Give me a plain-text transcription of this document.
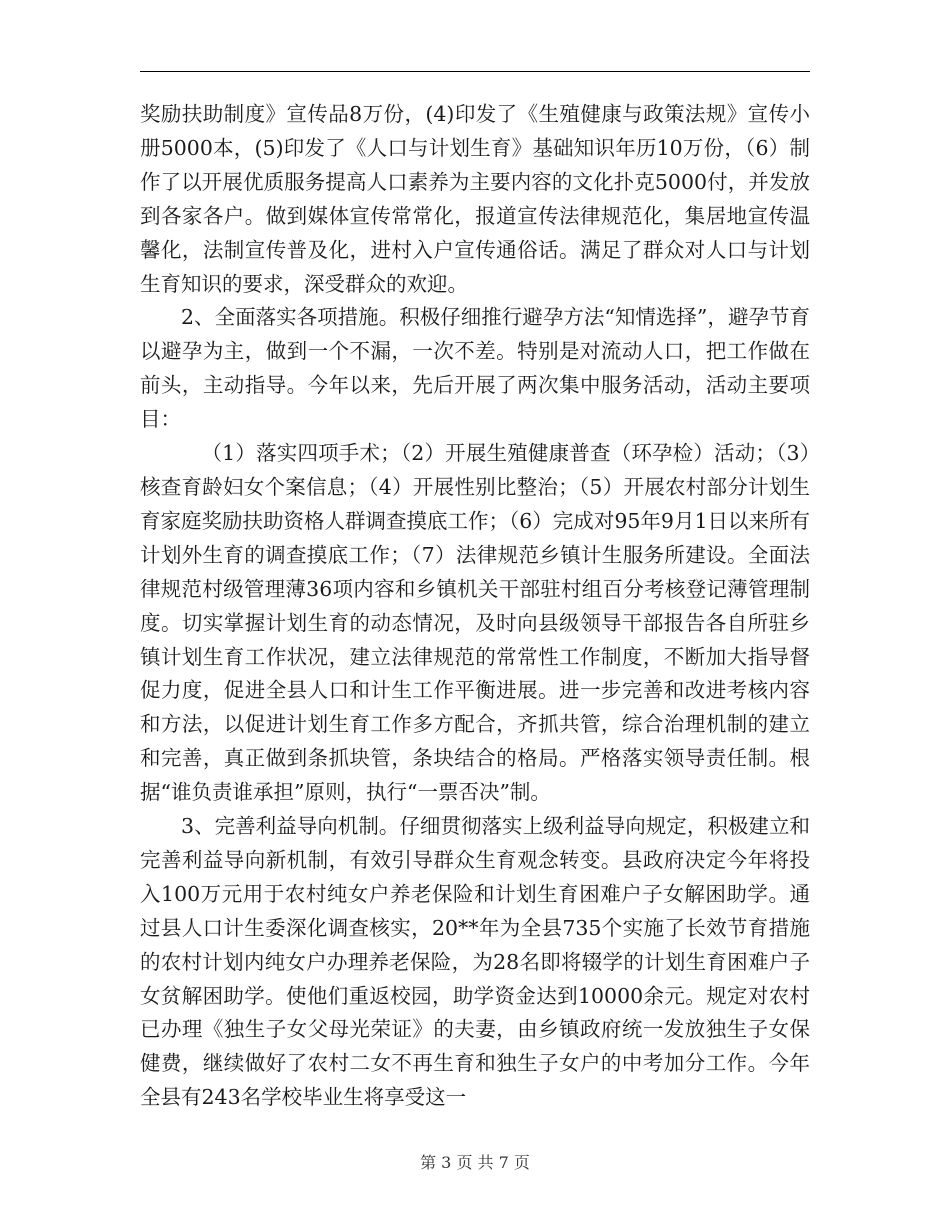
奖励扶助制度》宣传品8万份，(4)印发了《生殖健康与政策法规》宣传小册5000本，(5)印发了《人口与计划生育》基础知识年历10万份，（6）制作了以开展优质服务提高人口素养为主要内容的文化扑克5000付，并发放到各家各户。做到媒体宣传常常化，报道宣传法律规范化，集居地宣传温馨化，法制宣传普及化，进村入户宣传通俗话。满足了群众对人口与计划生育知识的要求，深受群众的欢迎。

2、全面落实各项措施。积极仔细推行避孕方法“知情选择”，避孕节育以避孕为主，做到一个不漏，一次不差。特别是对流动人口，把工作做在前头，主动指导。今年以来，先后开展了两次集中服务活动，活动主要项目：

（1）落实四项手术；（2）开展生殖健康普查（环孕检）活动；（3）核查育龄妇女个案信息；（4）开展性别比整治；（5）开展农村部分计划生育家庭奖励扶助资格人群调查摸底工作；（6）完成对95年9月1日以来所有计划外生育的调查摸底工作；（7）法律规范乡镇计生服务所建设。全面法律规范村级管理薄36项内容和乡镇机关干部驻村组百分考核登记薄管理制度。切实掌握计划生育的动态情况，及时向县级领导干部报告各自所驻乡镇计划生育工作状况，建立法律规范的常常性工作制度，不断加大指导督促力度，促进全县人口和计生工作平衡进展。进一步完善和改进考核内容和方法，以促进计划生育工作多方配合，齐抓共管，综合治理机制的建立和完善，真正做到条抓块管，条块结合的格局。严格落实领导责任制。根据“谁负责谁承担”原则，执行“一票否决”制。

3、完善利益导向机制。仔细贯彻落实上级利益导向规定，积极建立和完善利益导向新机制，有效引导群众生育观念转变。县政府决定今年将投入100万元用于农村纯女户养老保险和计划生育困难户子女解困助学。通过县人口计生委深化调查核实，20**年为全县735个实施了长效节育措施的农村计划内纯女户办理养老保险，为28名即将辍学的计划生育困难户子女贫解困助学。使他们重返校园，助学资金达到10000余元。规定对农村已办理《独生子女父母光荣证》的夫妻，由乡镇政府统一发放独生子女保健费，继续做好了农村二女不再生育和独生子女户的中考加分工作。今年全县有243名学校毕业生将享受这一

第 3 页 共 7 页
